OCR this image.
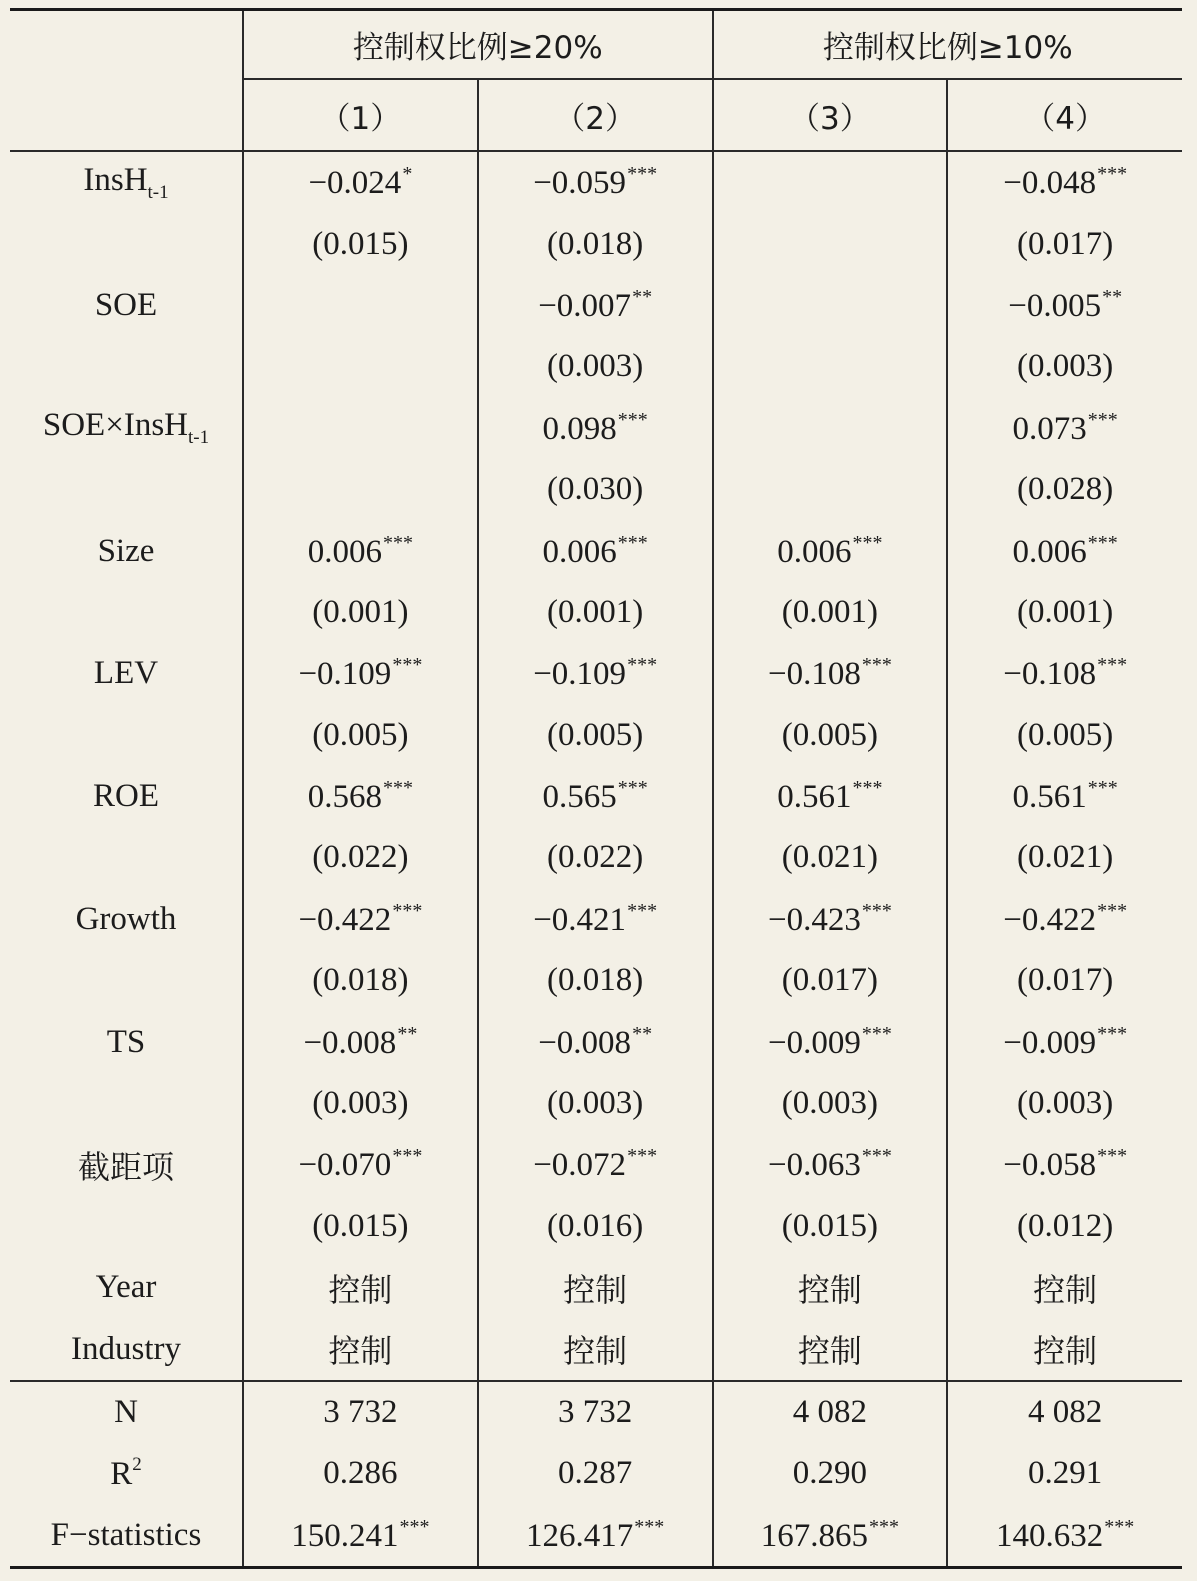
	控制权比例≥20%		控制权比例≥10%	
	（1）	（2）	（3）	（4）
InsH$_{t-1}$	−0.024*	−0.059***		−0.048***
	(0.015)	(0.018)		(0.017)
SOE		−0.007**		−0.005**
		(0.003)		(0.003)
SOE×InsH$_{t-1}$		0.098***		0.073***
		(0.030)		(0.028)
Size	0.006***	0.006***	0.006***	0.006***
	(0.001)	(0.001)	(0.001)	(0.001)
LEV	−0.109***	−0.109***	−0.108***	−0.108***
	(0.005)	(0.005)	(0.005)	(0.005)
ROE	0.568***	0.565***	0.561***	0.561***
	(0.022)	(0.022)	(0.021)	(0.021)
Growth	−0.422***	−0.421***	−0.423***	−0.422***
	(0.018)	(0.018)	(0.017)	(0.017)
TS	−0.008**	−0.008**	−0.009***	−0.009***
	(0.003)	(0.003)	(0.003)	(0.003)
截距项	−0.070***	−0.072***	−0.063***	−0.058***
	(0.015)	(0.016)	(0.015)	(0.012)
Year	控制	控制	控制	控制
Industry	控制	控制	控制	控制
N	3 732	3 732	4 082	4 082
$R^2$	0.286	0.287	0.290	0.291
F−statistics	150.241***	126.417***	167.865***	140.632***
